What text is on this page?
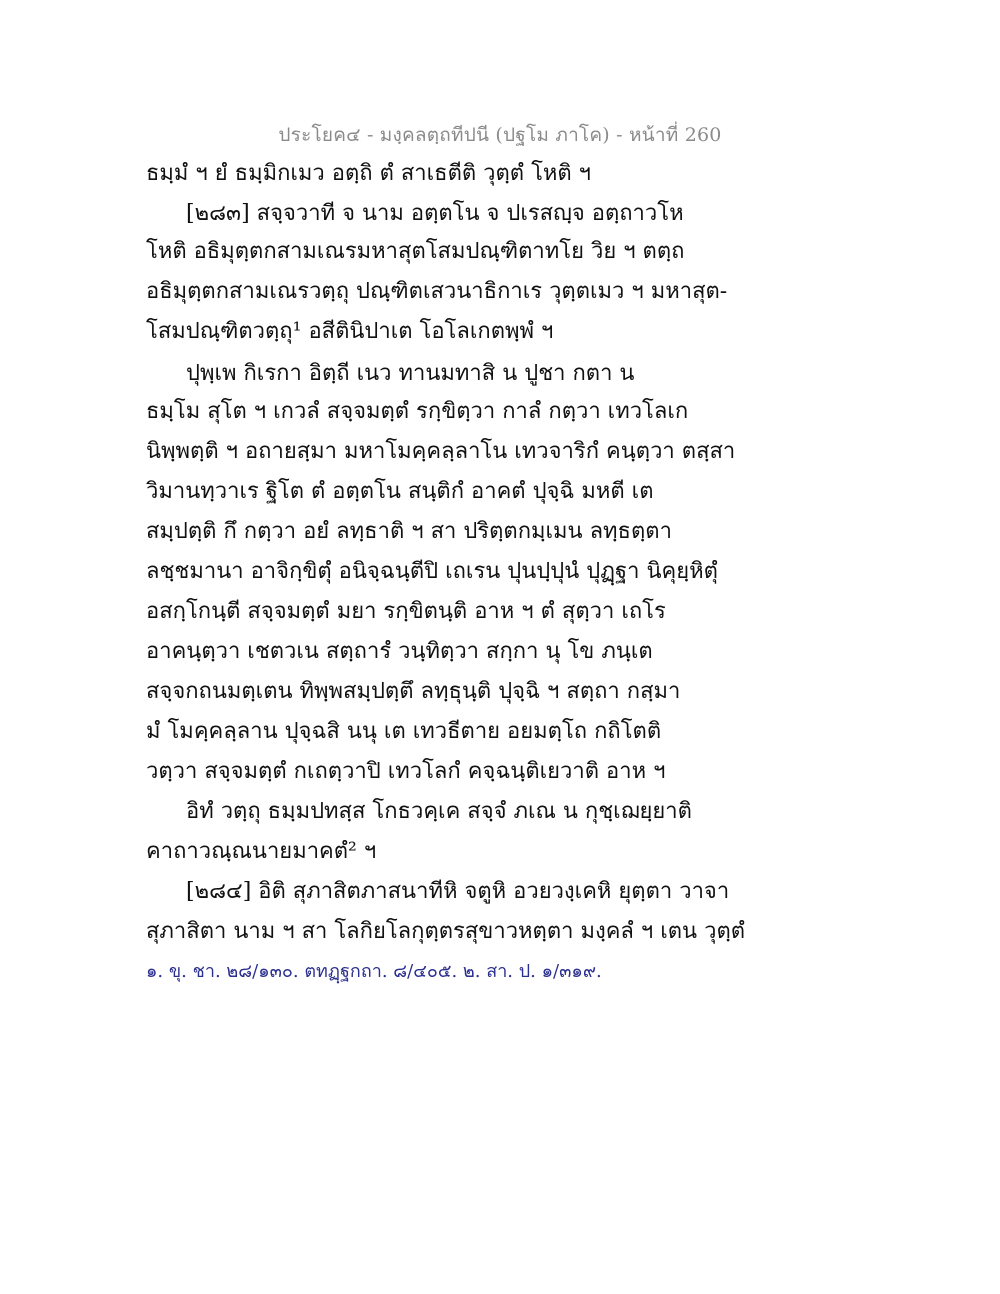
ประโยค๔ - มงฺคลตฺถทีปนี (ปฐโม ภาโค) - หน้าที่ 260
ธมฺมํ ฯ ยํ ธมฺมิกเมว อตฺถิ ตํ สาเธตีติ วุตฺตํ โหติ ฯ
[๒๘๓] สจฺจวาที จ นาม อตฺตโน จ ปเรสญฺจ อตฺถาวโห
โหติ อธิมุตฺตกสามเณรมหาสุตโสมปณฺฑิตาทโย วิย ฯ ตตฺถ
อธิมุตฺตกสามเณรวตฺถุ ปณฺฑิตเสวนาธิกาเร วุตฺตเมว ฯ มหาสุต-
โสมปณฺฑิตวตฺถุ¹ อสีตินิปาเต โอโลเกตพฺพํ ฯ
ปุพฺเพ กิเรกา อิตฺถี เนว ทานมทาสิ น ปูชา กตา น
ธมฺโม สุโต ฯ เกวลํ สจฺจมตฺตํ รกฺขิตฺวา กาลํ กตฺวา เทวโลเก
นิพฺพตฺติ ฯ อถายสฺมา มหาโมคฺคลฺลาโน เทวจาริกํ คนฺตฺวา ตสฺสา
วิมานทฺวาเร ฐิโต ตํ อตฺตโน สนฺติกํ อาคตํ ปุจฺฉิ มหตี เต
สมฺปตฺติ กึ กตฺวา อยํ ลทฺธาติ ฯ สา ปริตฺตกมฺเมน ลทฺธตฺตา
ลชฺชมานา อาจิกฺขิตุํ อนิจฺฉนฺตีปิ เถเรน ปุนปฺปุนํ ปุฏฺฐา นิคุยฺหิตุํ
อสกฺโกนฺตี สจฺจมตฺตํ มยา รกฺขิตนฺติ อาห ฯ ตํ สุตฺวา เถโร
อาคนฺตฺวา เชตวเน สตฺถารํ วนฺทิตฺวา สกฺกา นุ โข ภนฺเต
สจฺจกถนมตฺเตน ทิพฺพสมฺปตฺตึ ลทฺธุนฺติ ปุจฺฉิ ฯ สตฺถา กสฺมา
มํ โมคฺคลฺลาน ปุจฺฉสิ นนุ เต เทวธีตาย อยมตฺโถ กถิโตติ
วตฺวา สจฺจมตฺตํ กเถตฺวาปิ เทวโลกํ คจฺฉนฺติเยวาติ อาห ฯ
อิทํ วตฺถุ ธมฺมปทสฺส โกธวคฺเค สจฺจํ ภเณ น กุชฺเฌยฺยาติ
คาถาวณฺณนายมาคตํ² ฯ
[๒๘๔] อิติ สุภาสิตภาสนาทีหิ จตูหิ อวยวงฺเคหิ ยุตฺตา วาจา
สุภาสิตา นาม ฯ สา โลกิยโลกุตฺตรสุขาวหตฺตา มงฺคลํ ฯ เตน วุตฺตํ
๑. ขุ. ชา. ๒๘/๑๓๐. ตทฏฺฐกถา. ๘/๔๐๕. ๒. สา. ป. ๑/๓๑๙.
